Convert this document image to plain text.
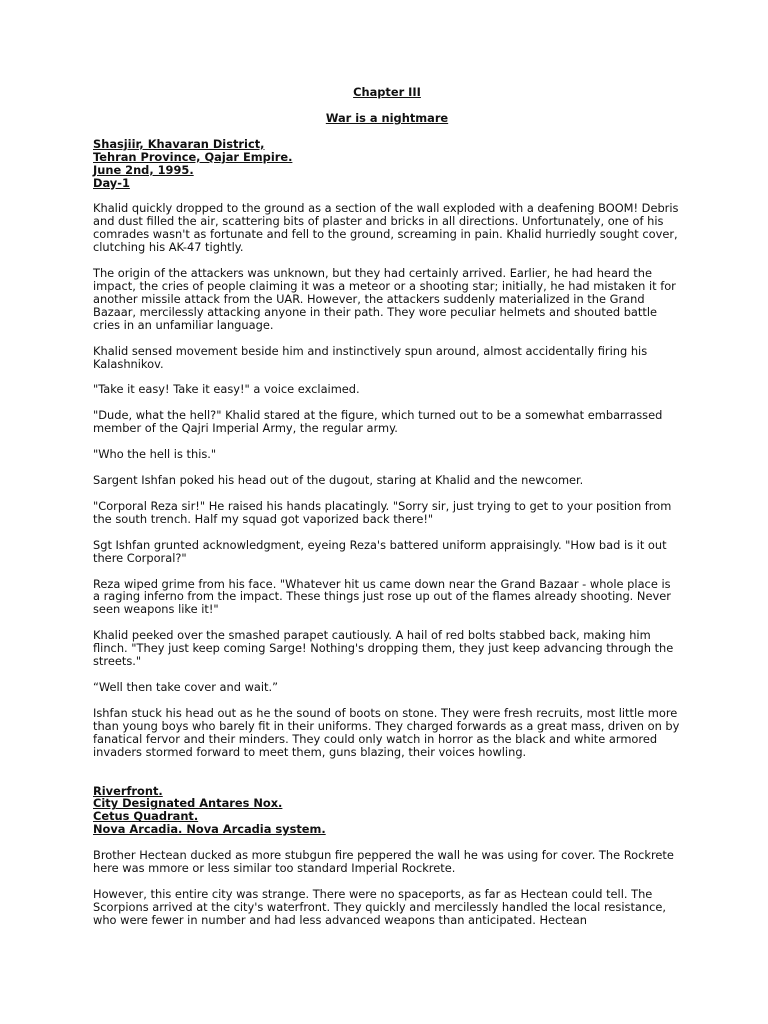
Chapter III

War is a nightmare

Shasjiir, Khavaran District,

Tehran Province, Qajar Empire.

June 2nd, 1995.

Day-1

Khalid quickly dropped to the ground as a section of the wall exploded with a deafening BOOM! Debris and dust filled the air, scattering bits of plaster and bricks in all directions. Unfortunately, one of his comrades wasn't as fortunate and fell to the ground, screaming in pain. Khalid hurriedly sought cover, clutching his AK-47 tightly.

The origin of the attackers was unknown, but they had certainly arrived. Earlier, he had heard the impact, the cries of people claiming it was a meteor or a shooting star; initially, he had mistaken it for another missile attack from the UAR. However, the attackers suddenly materialized in the Grand Bazaar, mercilessly attacking anyone in their path. They wore peculiar helmets and shouted battle cries in an unfamiliar language.

Khalid sensed movement beside him and instinctively spun around, almost accidentally firing his Kalashnikov.

"Take it easy! Take it easy!" a voice exclaimed.

"Dude, what the hell?" Khalid stared at the figure, which turned out to be a somewhat embarrassed member of the Qajri Imperial Army, the regular army.

"Who the hell is this."

Sargent Ishfan poked his head out of the dugout, staring at Khalid and the newcomer.

"Corporal Reza sir!" He raised his hands placatingly. "Sorry sir, just trying to get to your position from the south trench. Half my squad got vaporized back there!"

Sgt Ishfan grunted acknowledgment, eyeing Reza's battered uniform appraisingly. "How bad is it out there Corporal?"

Reza wiped grime from his face. "Whatever hit us came down near the Grand Bazaar - whole place is a raging inferno from the impact. These things just rose up out of the flames already shooting. Never seen weapons like it!"

Khalid peeked over the smashed parapet cautiously. A hail of red bolts stabbed back, making him flinch. "They just keep coming Sarge! Nothing's dropping them, they just keep advancing through the streets."

“Well then take cover and wait.”

Ishfan stuck his head out as he the sound of boots on stone. They were fresh recruits, most little more than young boys who barely fit in their uniforms. They charged forwards as a great mass, driven on by fanatical fervor and their minders. They could only watch in horror as the black and white armored invaders stormed forward to meet them, guns blazing, their voices howling.

Riverfront.

City Designated Antares Nox.

Cetus Quadrant.

Nova Arcadia. Nova Arcadia system.

Brother Hectean ducked as more stubgun fire peppered the wall he was using for cover. The Rockrete here was mmore or less similar too standard Imperial Rockrete.

However, this entire city was strange. There were no spaceports, as far as Hectean could tell. The Scorpions arrived at the city's waterfront. They quickly and mercilessly handled the local resistance, who were fewer in number and had less advanced weapons than anticipated. Hectean
